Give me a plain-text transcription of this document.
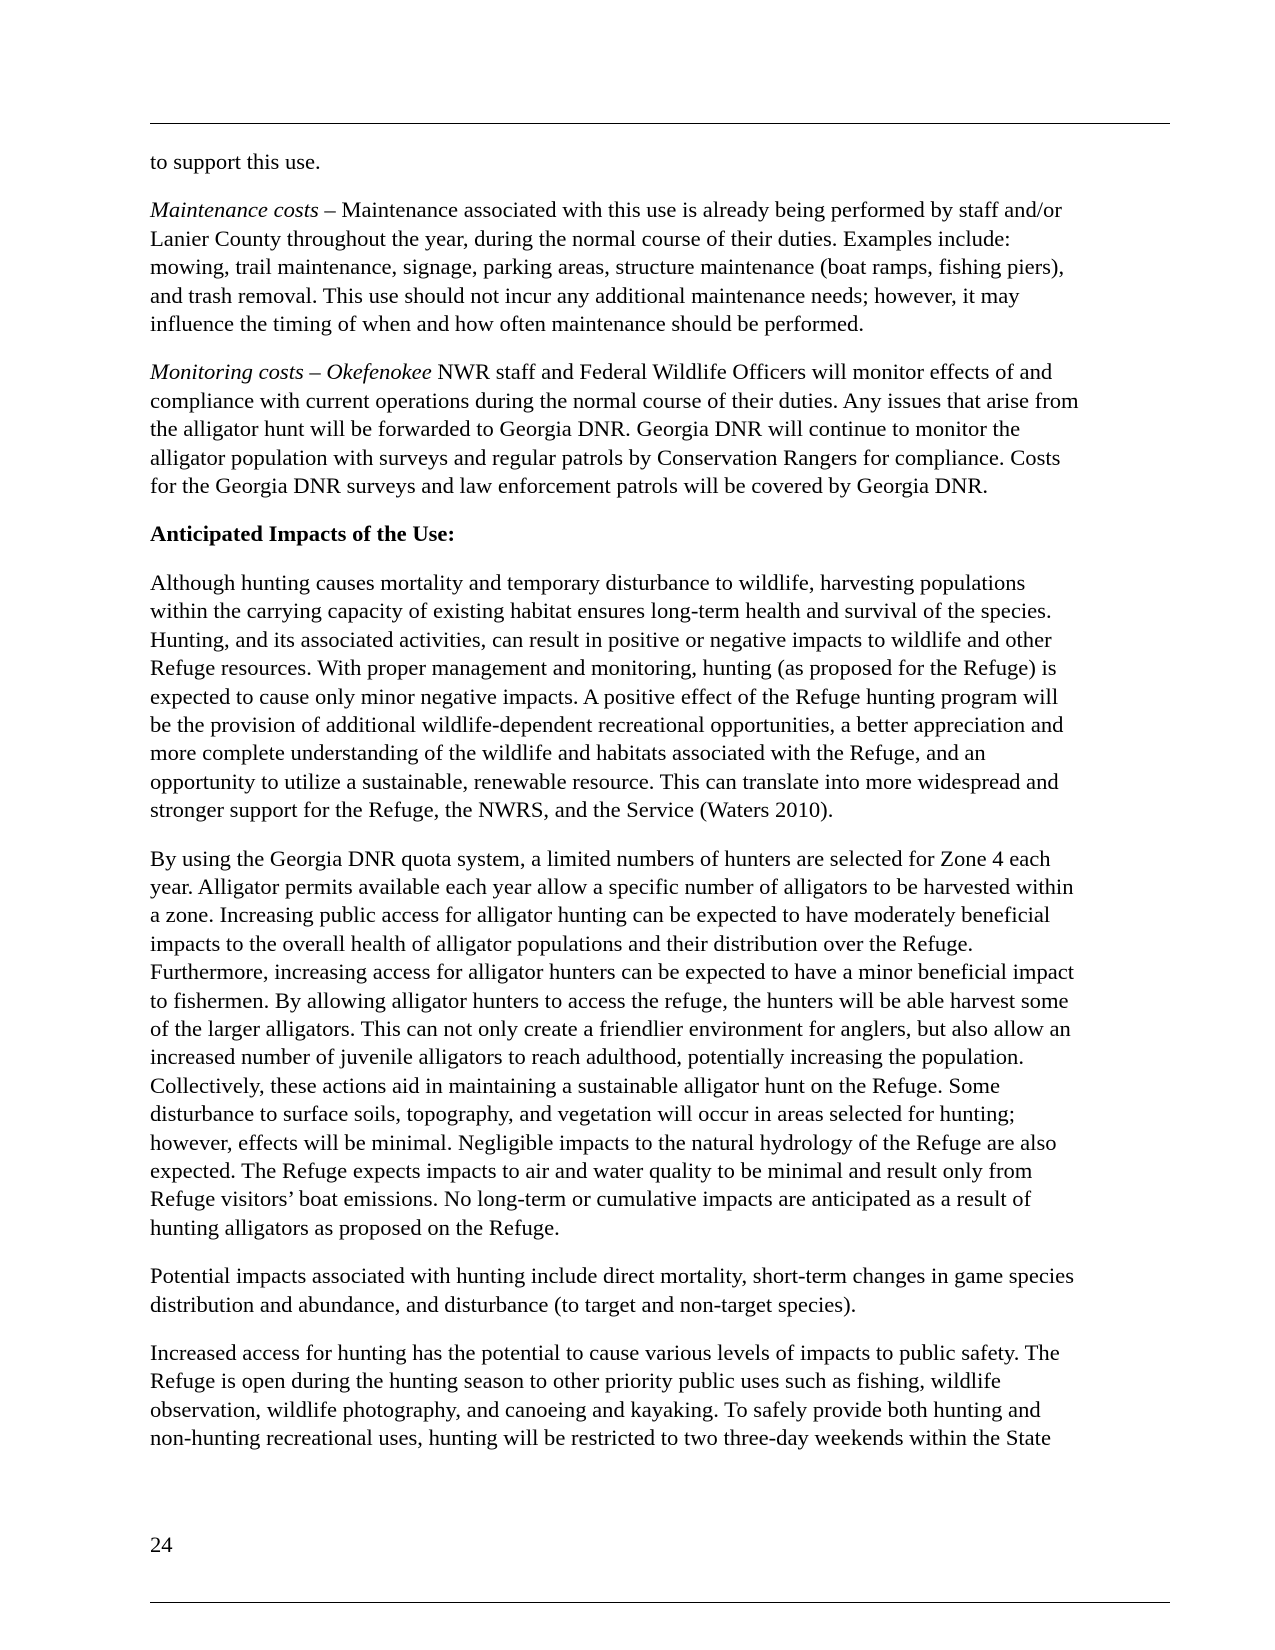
to support this use.

Maintenance costs – Maintenance associated with this use is already being performed by staff and/or
Lanier County throughout the year, during the normal course of their duties. Examples include:
mowing, trail maintenance, signage, parking areas, structure maintenance (boat ramps, fishing piers),
and trash removal. This use should not incur any additional maintenance needs; however, it may
influence the timing of when and how often maintenance should be performed.

Monitoring costs – Okefenokee NWR staff and Federal Wildlife Officers will monitor effects of and
compliance with current operations during the normal course of their duties. Any issues that arise from
the alligator hunt will be forwarded to Georgia DNR. Georgia DNR will continue to monitor the
alligator population with surveys and regular patrols by Conservation Rangers for compliance. Costs
for the Georgia DNR surveys and law enforcement patrols will be covered by Georgia DNR.

Anticipated Impacts of the Use:

Although hunting causes mortality and temporary disturbance to wildlife, harvesting populations
within the carrying capacity of existing habitat ensures long-term health and survival of the species.
Hunting, and its associated activities, can result in positive or negative impacts to wildlife and other
Refuge resources. With proper management and monitoring, hunting (as proposed for the Refuge) is
expected to cause only minor negative impacts. A positive effect of the Refuge hunting program will
be the provision of additional wildlife-dependent recreational opportunities, a better appreciation and
more complete understanding of the wildlife and habitats associated with the Refuge, and an
opportunity to utilize a sustainable, renewable resource. This can translate into more widespread and
stronger support for the Refuge, the NWRS, and the Service (Waters 2010).

By using the Georgia DNR quota system, a limited numbers of hunters are selected for Zone 4 each
year. Alligator permits available each year allow a specific number of alligators to be harvested within
a zone. Increasing public access for alligator hunting can be expected to have moderately beneficial
impacts to the overall health of alligator populations and their distribution over the Refuge.
Furthermore, increasing access for alligator hunters can be expected to have a minor beneficial impact
to fishermen. By allowing alligator hunters to access the refuge, the hunters will be able harvest some
of the larger alligators. This can not only create a friendlier environment for anglers, but also allow an
increased number of juvenile alligators to reach adulthood, potentially increasing the population.
Collectively, these actions aid in maintaining a sustainable alligator hunt on the Refuge. Some
disturbance to surface soils, topography, and vegetation will occur in areas selected for hunting;
however, effects will be minimal. Negligible impacts to the natural hydrology of the Refuge are also
expected. The Refuge expects impacts to air and water quality to be minimal and result only from
Refuge visitors’ boat emissions. No long-term or cumulative impacts are anticipated as a result of
hunting alligators as proposed on the Refuge.

Potential impacts associated with hunting include direct mortality, short-term changes in game species
distribution and abundance, and disturbance (to target and non-target species).

Increased access for hunting has the potential to cause various levels of impacts to public safety. The
Refuge is open during the hunting season to other priority public uses such as fishing, wildlife
observation, wildlife photography, and canoeing and kayaking. To safely provide both hunting and
non-hunting recreational uses, hunting will be restricted to two three-day weekends within the State

24
